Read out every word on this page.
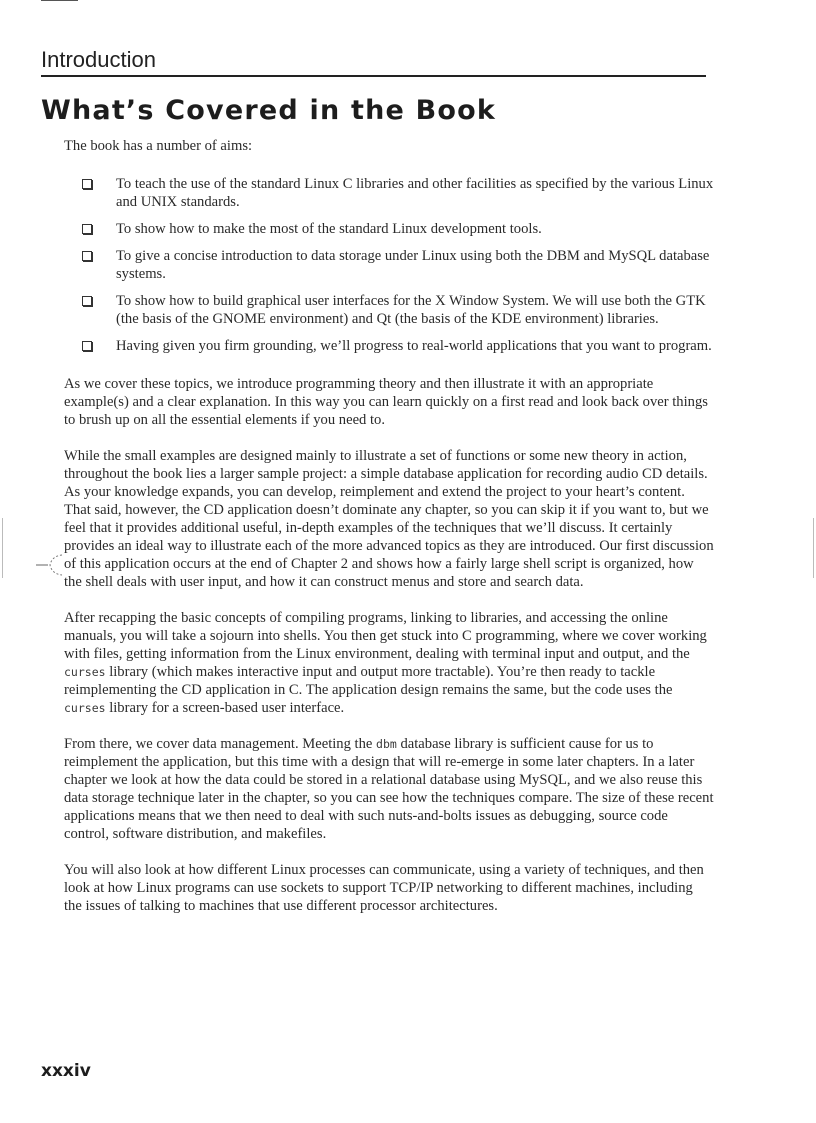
Introduction
What’s Covered in the Book

The book has a number of aims:

To teach the use of the standard Linux C libraries and other facilities as specified by the various Linux and UNIX standards.
To show how to make the most of the standard Linux development tools.
To give a concise introduction to data storage under Linux using both the DBM and MySQL database systems.
To show how to build graphical user interfaces for the X Window System. We will use both the GTK (the basis of the GNOME environment) and Qt (the basis of the KDE environment) libraries.
Having given you firm grounding, we’ll progress to real-world applications that you want to program.

As we cover these topics, we introduce programming theory and then illustrate it with an appropriate example(s) and a clear explanation. In this way you can learn quickly on a first read and look back over things to brush up on all the essential elements if you need to.

While the small examples are designed mainly to illustrate a set of functions or some new theory in action, throughout the book lies a larger sample project: a simple database application for recording audio CD details. As your knowledge expands, you can develop, reimplement and extend the project to your heart’s content. That said, however, the CD application doesn’t dominate any chapter, so you can skip it if you want to, but we feel that it provides additional useful, in-depth examples of the techniques that we’ll discuss. It certainly provides an ideal way to illustrate each of the more advanced topics as they are introduced. Our first discussion of this application occurs at the end of Chapter 2 and shows how a fairly large shell script is organized, how the shell deals with user input, and how it can construct menus and store and search data.

After recapping the basic concepts of compiling programs, linking to libraries, and accessing the online manuals, you will take a sojourn into shells. You then get stuck into C programming, where we cover working with files, getting information from the Linux environment, dealing with terminal input and output, and the curses library (which makes interactive input and output more tractable). You’re then ready to tackle reimplementing the CD application in C. The application design remains the same, but the code uses the curses library for a screen-based user interface.

From there, we cover data management. Meeting the dbm database library is sufficient cause for us to reimplement the application, but this time with a design that will re-emerge in some later chapters. In a later chapter we look at how the data could be stored in a relational database using MySQL, and we also reuse this data storage technique later in the chapter, so you can see how the techniques compare. The size of these recent applications means that we then need to deal with such nuts-and-bolts issues as debugging, source code control, software distribution, and makefiles.

You will also look at how different Linux processes can communicate, using a variety of techniques, and then look at how Linux programs can use sockets to support TCP/IP networking to different machines, including the issues of talking to machines that use different processor architectures.

xxxiv
